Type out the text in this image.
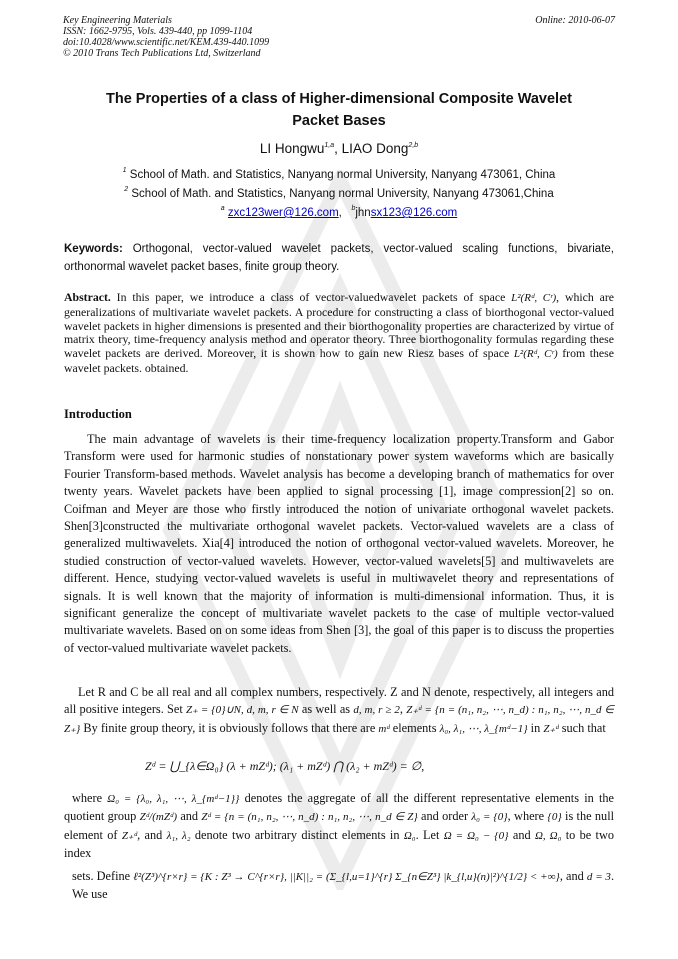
Key Engineering Materials
ISSN: 1662-9795, Vols. 439-440, pp 1099-1104
doi:10.4028/www.scientific.net/KEM.439-440.1099
© 2010 Trans Tech Publications Ltd, Switzerland
Online: 2010-06-07
The Properties of a class of Higher-dimensional Composite Wavelet
Packet Bases
LI Hongwu$^{1,a}$, LIAO Dong$^{2,b}$
$^1$ School of Math. and Statistics, Nanyang normal University, Nanyang 473061, China
$^2$ School of Math. and Statistics, Nanyang normal University, Nanyang 473061,China
$^a$ zxc123wer@126.com,   $^b$jhnsx123@126.com
Keywords: Orthogonal, vector-valued wavelet packets, vector-valued scaling functions, bivariate, orthonormal wavelet packet bases, finite group theory.
Abstract. In this paper, we introduce a class of vector-valuedwavelet packets of space L²(Rᵈ, Cʳ), which are generalizations of multivariate wavelet packets. A procedure for constructing a class of biorthogonal vector-valued wavelet packets in higher dimensions is presented and their biorthogonality properties are characterized by virtue of matrix theory, time-frequency analysis method and operator theory. Three biorthogonality formulas regarding these wavelet packets are derived. Moreover, it is shown how to gain new Riesz bases of space L²(Rᵈ, Cʳ) from these wavelet packets. obtained.
Introduction
The main advantage of wavelets is their time-frequency localization property.Transform and Gabor Transform were used for harmonic studies of nonstationary power system waveforms which are basically Fourier Transform-based methods. Wavelet analysis has become a developing branch of mathematics for over twenty years. Wavelet packets have been applied to signal processing [1], image compression[2] so on. Coifman and Meyer are those who firstly introduced the notion of univariate orthogonal wavelet packets. Shen[3]constructed the multivariate orthogonal wavelet packets. Vector-valued wavelets are a class of generalized multiwavelets. Xia[4] introduced the notion of orthogonal vector-valued wavelets. Moreover, he studied construction of vector-valued wavelets. However, vector-valued wavelets[5] and multiwavelets are different. Hence, studying vector-valued wavelets is useful in multiwavelet theory and representations of signals. It is well known that the majority of information is multi-dimensional information. Thus, it is significant generalize the concept of multivariate wavelet packets to the case of multiple vector-valued multivariate wavelets. Based on on some ideas from Shen [3], the goal of this paper is to discuss the properties of vector-valued multivariate wavelet packets.
Let R and C be all real and all complex numbers, respectively. Z and N denote, respectively, all integers and all positive integers. Set Z₊ = {0}∪N, d, m, r ∈ N as well as d, m, r ≥ 2, Z₊ᵈ = {n = (n₁, n₂, ⋯, n_d) : n₁, n₂, ⋯, n_d ∈ Z₊} By finite group theory, it is obviously follows that there are mᵈ elements λ₀, λ₁, ⋯, λ_{mᵈ−1} in Z₊ᵈ such that
Zᵈ = ⋃_{λ∈Ω₀} (λ + mZᵈ); (λ₁ + mZᵈ) ⋂ (λ₂ + mZᵈ) = ∅,
where Ω₀ = {λ₀, λ₁, ⋯, λ_{mᵈ−1}} denotes the aggregate of all the different representative elements in the quotient group Zᵈ/(mZᵈ) and Zᵈ = {n = (n₁, n₂, ⋯, n_d) : n₁, n₂, ⋯, n_d ∈ Z} and order λ₀ = {0}, where {0} is the null element of Z₊ᵈ, and λ₁, λ₂ denote two arbitrary distinct elements in Ω₀. Let Ω = Ω₀ − {0} and Ω, Ω₀ to be two index
sets. Define ℓ²(Z³)^{r×r} = {K : Z³ → C^{r×r}, ||K||₂ = (Σ_{l,u=1}^{r} Σ_{n∈Z³} |k_{l,u}(n)|²)^{1/2} < +∞}, and d = 3. We use
